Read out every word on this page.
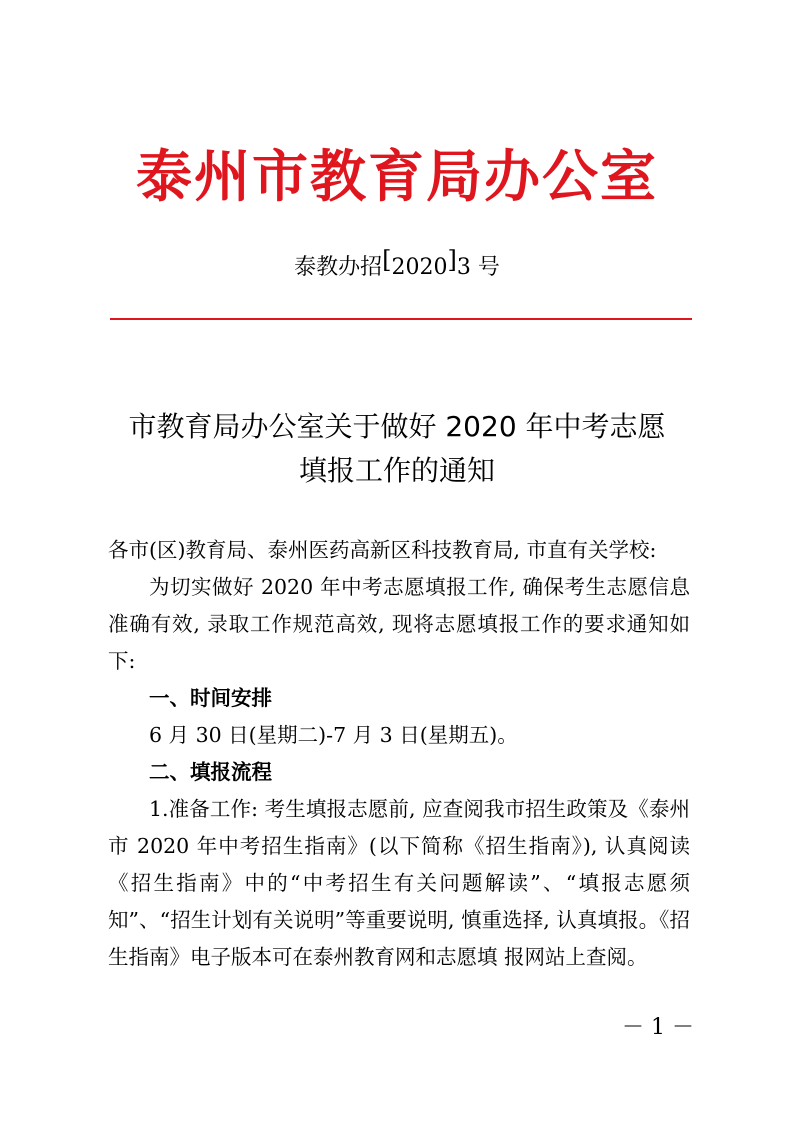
泰州市教育局办公室
泰教办招[2020]3 号
市教育局办公室关于做好 2020 年中考志愿
填报工作的通知

各市(区)教育局、泰州医药高新区科技教育局, 市直有关学校:

为切实做好 2020 年中考志愿填报工作, 确保考生志愿信息准确有效, 录取工作规范高效, 现将志愿填报工作的要求通知如下:

一、时间安排

6 月 30 日(星期二)-7 月 3 日(星期五)。

二、填报流程

1.准备工作: 考生填报志愿前, 应查阅我市招生政策及《泰州市 2020 年中考招生指南》(以下简称《招生指南》), 认真阅读《招生指南》中的“中考招生有关问题解读”、“填报志愿须知”、“招生计划有关说明”等重要说明, 慎重选择, 认真填报。《招生指南》电子版本可在泰州教育网和志愿填 报网站上查阅。

－ 1 －
